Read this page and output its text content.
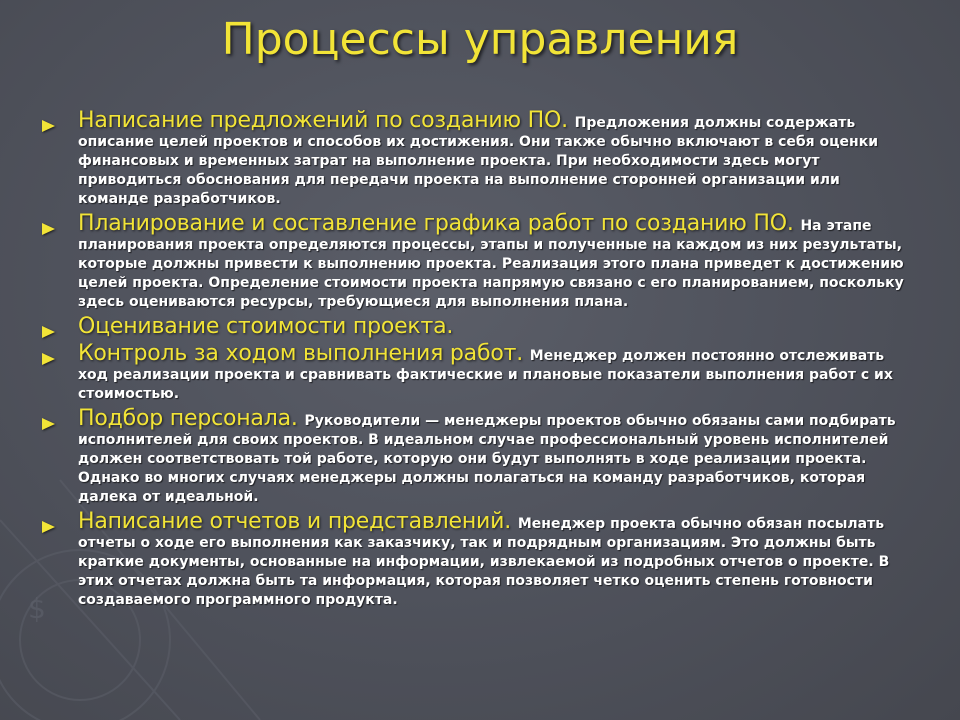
$
Процессы управления
Написание предложений по созданию ПО. Предложения должны содержать описание целей проектов и способов их достижения. Они также обычно включают в себя оценки финансовых и временных затрат на выполнение проекта. При необходимости здесь могут приводиться обоснования для передачи проекта на выполнение сторонней организации или команде разработчиков.
Планирование и составление графика работ по созданию ПО. На этапе планирования проекта определяются процессы, этапы и полученные на каждом из них результаты, которые должны привести к выполнению проекта. Реализация этого плана приведет к достижению целей проекта. Определение стоимости проекта напрямую связано с его планированием, поскольку здесь оцениваются ресурсы, требующиеся для выполнения плана.
Оценивание стоимости проекта.
Контроль за ходом выполнения работ. Менеджер должен постоянно отслеживать ход реализации проекта и сравнивать фактические и плановые показатели выполнения работ с их стоимостью.
Подбор персонала. Руководители — менеджеры проектов обычно обязаны сами подбирать исполнителей для своих проектов. В идеальном случае профессиональный уровень исполнителей должен соответствовать той работе, которую они будут выполнять в ходе реализации проекта. Однако во многих случаях менеджеры должны полагаться на команду разработчиков, которая далека от идеальной.
Написание отчетов и представлений. Менеджер проекта обычно обязан посылать отчеты о ходе его выполнения как заказчику, так и подрядным организациям. Это должны быть краткие документы, основанные на информации, извлекаемой из подробных отчетов о проекте. В этих отчетах должна быть та информация, которая позволяет четко оценить степень готовности создаваемого программного продукта.
